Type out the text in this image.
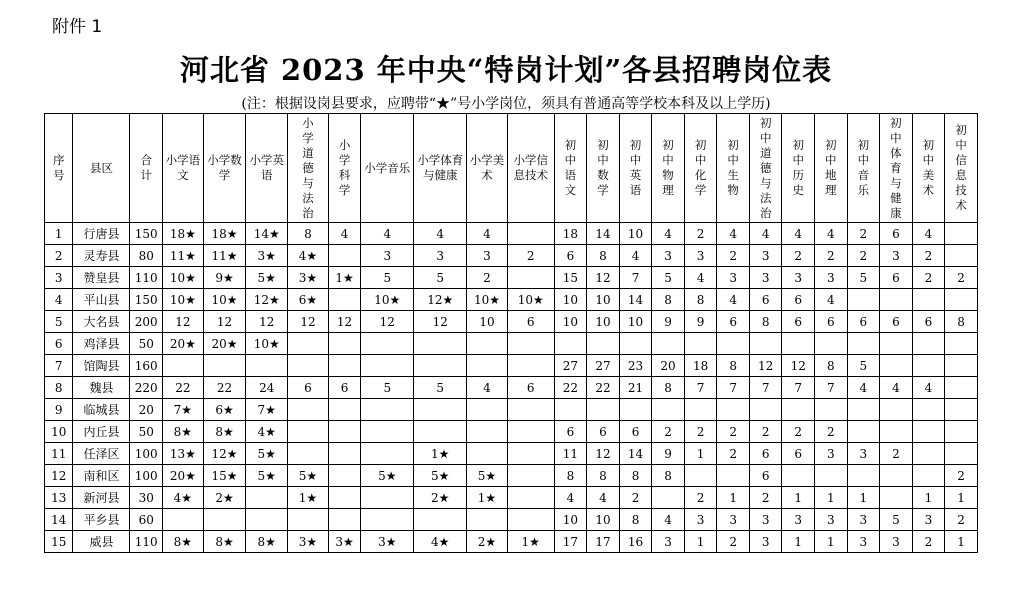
附件 1
河北省 2023 年中央“特岗计划”各县招聘岗位表
(注：根据设岗县要求，应聘带“★”号小学岗位，须具有普通高等学校本科及以上学历)
序号	县区	合计	小学语文	小学数学	小学英语	小学道德与法治	小学科学	小学音乐	小学体育与健康	小学美术	小学信息技术	初中语文	初中数学	初中英语	初中物理	初中化学	初中生物	初中道德与法治	初中历史	初中地理	初中音乐	初中体育与健康	初中美术	初中信息技术
1	行唐县	150	18★	18★	14★	8	4	4	4	4		18	14	10	4	2	4	4	4	4	2	6	4	
2	灵寿县	80	11★	11★	3★	4★		3	3	3	2	6	8	4	3	3	2	3	2	2	2	3	2	
3	赞皇县	110	10★	9★	5★	3★	1★	5	5	2		15	12	7	5	4	3	3	3	3	5	6	2	2
4	平山县	150	10★	10★	12★	6★		10★	12★	10★	10★	10	10	14	8	8	4	6	6	4				
5	大名县	200	12	12	12	12	12	12	12	10	6	10	10	10	9	9	6	8	6	6	6	6	6	8
6	鸡泽县	50	20★	20★	10★																			
7	馆陶县	160										27	27	23	20	18	8	12	12	8	5			
8	魏县	220	22	22	24	6	6	5	5	4	6	22	22	21	8	7	7	7	7	7	4	4	4	
9	临城县	20	7★	6★	7★																			
10	内丘县	50	8★	8★	4★							6	6	6	2	2	2	2	2	2				
11	任泽区	100	13★	12★	5★				1★			11	12	14	9	1	2	6	6	3	3	2		
12	南和区	100	20★	15★	5★	5★		5★	5★	5★		8	8	8	8			6						2
13	新河县	30	4★	2★		1★			2★	1★		4	4	2		2	1	2	1	1	1		1	1
14	平乡县	60										10	10	8	4	3	3	3	3	3	3	5	3	2
15	威县	110	8★	8★	8★	3★	3★	3★	4★	2★	1★	17	17	16	3	1	2	3	1	1	3	3	2	1
